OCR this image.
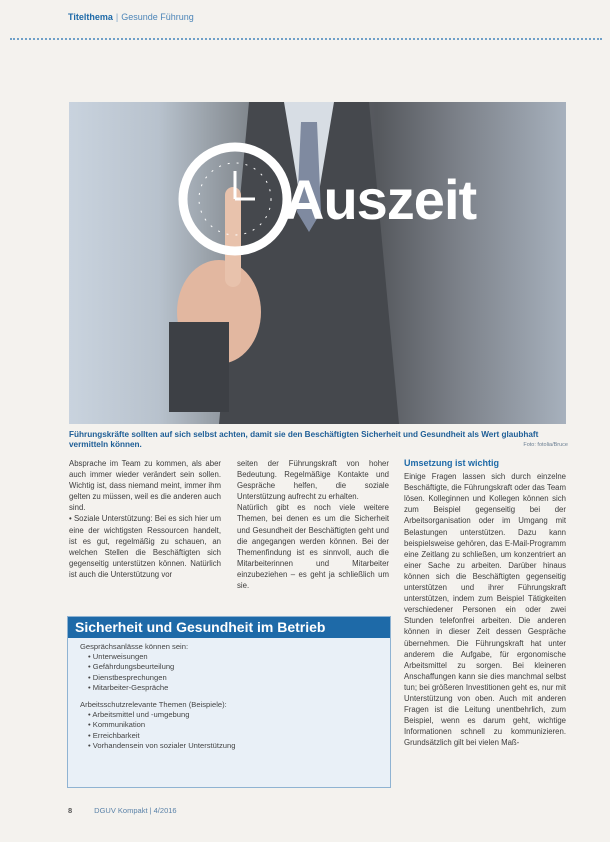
Titelthema | Gesunde Führung
Auszeit
Führungskräfte sollten auf sich selbst achten, damit sie den Beschäftigten Sicherheit und Gesundheit als Wert glaubhaft vermitteln können.	Foto: fotolia/Bruce

Absprache im Team zu kommen, als aber auch immer wieder verändert sein sollen. Wichtig ist, dass niemand meint, immer ihm gelten zu müssen, weil es die anderen auch sind.

• Soziale Unterstützung: Bei es sich hier um eine der wichtigsten Ressourcen handelt, ist es gut, regelmäßig zu schauen, an welchen Stellen die Beschäftigten sich gegenseitig unterstützen können. Natürlich ist auch die Unterstützung vor

seiten der Führungskraft von hoher Bedeutung. Regelmäßige Kontakte und Gespräche helfen, die soziale Unterstützung aufrecht zu erhalten.

Natürlich gibt es noch viele weitere Themen, bei denen es um die Sicherheit und Gesundheit der Beschäftigten geht und die angegangen werden können. Bei der Themenfindung ist es sinnvoll, auch die Mitarbeiterinnen und Mitarbeiter einzubeziehen – es geht ja schließlich um sie.

Umsetzung ist wichtig

Einige Fragen lassen sich durch einzelne Beschäftigte, die Führungskraft oder das Team lösen. Kolleginnen und Kollegen können sich zum Beispiel gegenseitig bei der Arbeitsorganisation oder im Umgang mit Belastungen unterstützen. Dazu kann beispielsweise gehören, das E-Mail-Programm eine Zeitlang zu schließen, um konzentriert an einer Sache zu arbeiten. Darüber hinaus können sich die Beschäftigten gegenseitig unterstützen und ihrer Führungskraft unterstützen, indem zum Beispiel Tätigkeiten verschiedener Personen ein oder zwei Stunden telefonfrei arbeiten. Die anderen können in dieser Zeit dessen Gespräche übernehmen. Die Führungskraft hat unter anderem die Aufgabe, für ergonomische Arbeitsmittel zu sorgen. Bei kleineren Anschaffungen kann sie dies manchmal selbst tun; bei größeren Investitionen geht es, nur mit Unterstützung von oben. Auch mit anderen Fragen ist die Leitung unentbehrlich, zum Beispiel, wenn es darum geht, wichtige Informationen schnell zu kommunizieren. Grundsätzlich gilt bei vielen Maß-

Sicherheit und Gesundheit im Betrieb
Gesprächsanlässe können sein:
• Unterweisungen
• Gefährdungsbeurteilung
• Dienstbesprechungen
• Mitarbeiter-Gespräche
Arbeitsschutzrelevante Themen (Beispiele):
• Arbeitsmittel und -umgebung
• Kommunikation
• Erreichbarkeit
• Vorhandensein von sozialer Unterstützung
8	DGUV Kompakt | 4/2016
